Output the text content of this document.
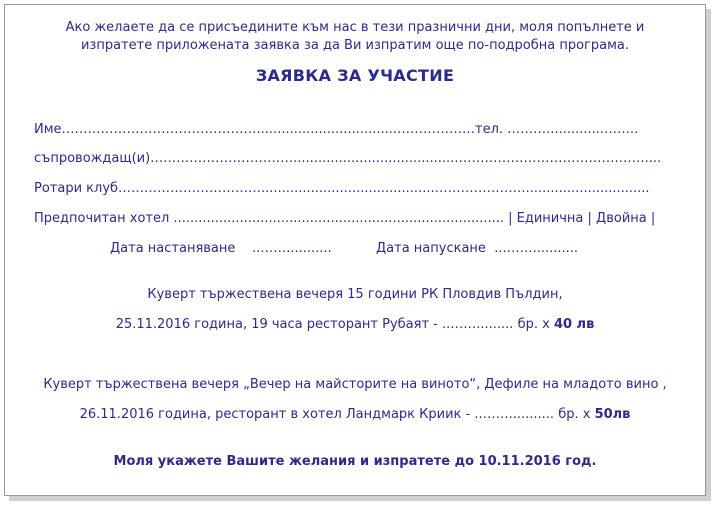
Ако желаете да се присъедините към нас в тези празнични дни, моля попълнете и
изпратете приложената заявка за да Ви изпратим още по-подробна програма.
ЗАЯВКА ЗА УЧАСТИЕ
Име………………………………………..................................………………тел. ………..............……..
съпровождащ(и)……………………………........................................……………………………….……....
Ротари клуб……………………………..........................................…………………..............................
Предпочитан хотел ................................................................................ | Единична | Двойна |
Дата настаняване ..……...........	Дата напускане ...……...........
Куверт тържествена вечеря 15 години РК Пловдив Пълдин,
25.11.2016 година, 19 часа ресторант Рубаят - ..……......... бр. х 40 лв
Куверт тържествена вечеря „Вечер на майсторите на виното“, Дефиле на младото вино ,
26.11.2016 година, ресторант в хотел Ландмарк Криик - ..……........... бр. х 50лв
Моля укажете Вашите желания и изпратете до 10.11.2016 год.
